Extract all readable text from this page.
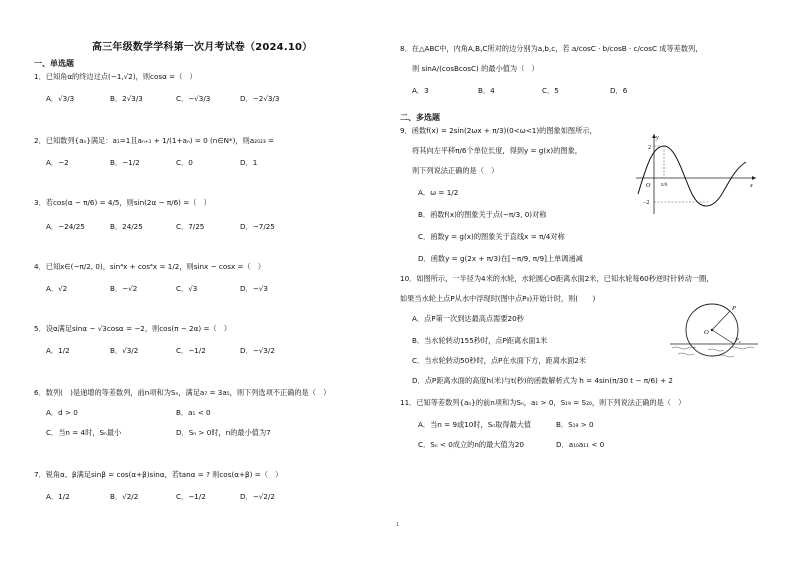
高三年级数学学科第一次月考试卷（2024.10）
一、单选题
1．已知角α的终边过点(−1,√2)，则cosα =（　）
A．√3/3	B．2√3/3	C．−√3/3	D．−2√3/3
2．已知数列{aₙ}满足：a₁=1且aₙ₊₁ + 1/(1+aₙ) = 0 (n∈N*)，则a₂₀₂₃ =
A．−2	B．−1/2	C．0	D．1
3．若cos(α − π/6) = 4/5，则sin(2α − π/6) =（　）
A．−24/25	B．24/25	C．7/25	D．−7/25
4．已知x∈(−π/2, 0)，sin⁴x + cos⁴x = 1/2，则sinx − cosx =（　）
A．√2	B．−√2	C．√3	D．−√3
5．设α满足sinα − √3cosα = −2，则cos(π − 2α) =（　）
A．1/2	B．√3/2	C．−1/2	D．−√3/2
6．数列(　)是递增的等差数列，前n项和为Sₙ，满足a₇ = 3a₅，则下列选项不正确的是（　）
A．d > 0	B．a₁ < 0
C．当n = 4时，Sₙ最小	D．Sₙ > 0时，n的最小值为7
7．锐角α、β满足sinβ = cos(α+β)sinα，若tanα = ? 则cos(α+β) =（　）
A．1/2	B．√2/2	C．−1/2	D．−√2/2
8．在△ABC中，内角A,B,C所对的边分别为a,b,c，若 a/cosC · b/cosB · c/cosC 成等差数列，
则 sinA/(cosBcosC) 的最小值为（　）
A．3	B．4	C．5	D．6
二、多选题
9．函数f(x) = 2sin(2ωx + π/3)(0<ω<1)的图象如图所示，
将其向左平移π/6个单位长度，得到y = g(x)的图象，
则下列说法正确的是（　）
A．ω = 1/2
B．函数f(x)的图象关于点(−π/3, 0)对称
C．函数y = g(x)的图象关于直线x = π/4对称
D．函数y = g(2x + π/3)在[−π/9, π/9]上单调递减
y
x
O
2
−2
π/6
10．如图所示，一半径为4米的水轮，水轮圆心O距离水面2米，已知水轮每60秒逆时针转动一圈，
如果当水轮上点P从水中浮现时(图中点P₀)开始计时，则(　　)
A．点P第一次到达最高点需要20秒
B．当水轮转动155秒时，点P距离水面1米
C．当水轮转动50秒时，点P在水面下方，距离水面2米
D．点P距离水面的高度h(米)与t(秒)的函数解析式为 h = 4sin(π/30 t − π/6) + 2
P
O
P₀
11．已知等差数列{aₙ}的前n项和为Sₙ，a₁ > 0，S₁₉ = S₂₀，则下列说法正确的是（　）
A．当n = 9或10时，Sₙ取得最大值	B．S₁₉ > 0
C．Sₙ < 0成立的n的最大值为20	D．a₁₀a₁₁ < 0
1
